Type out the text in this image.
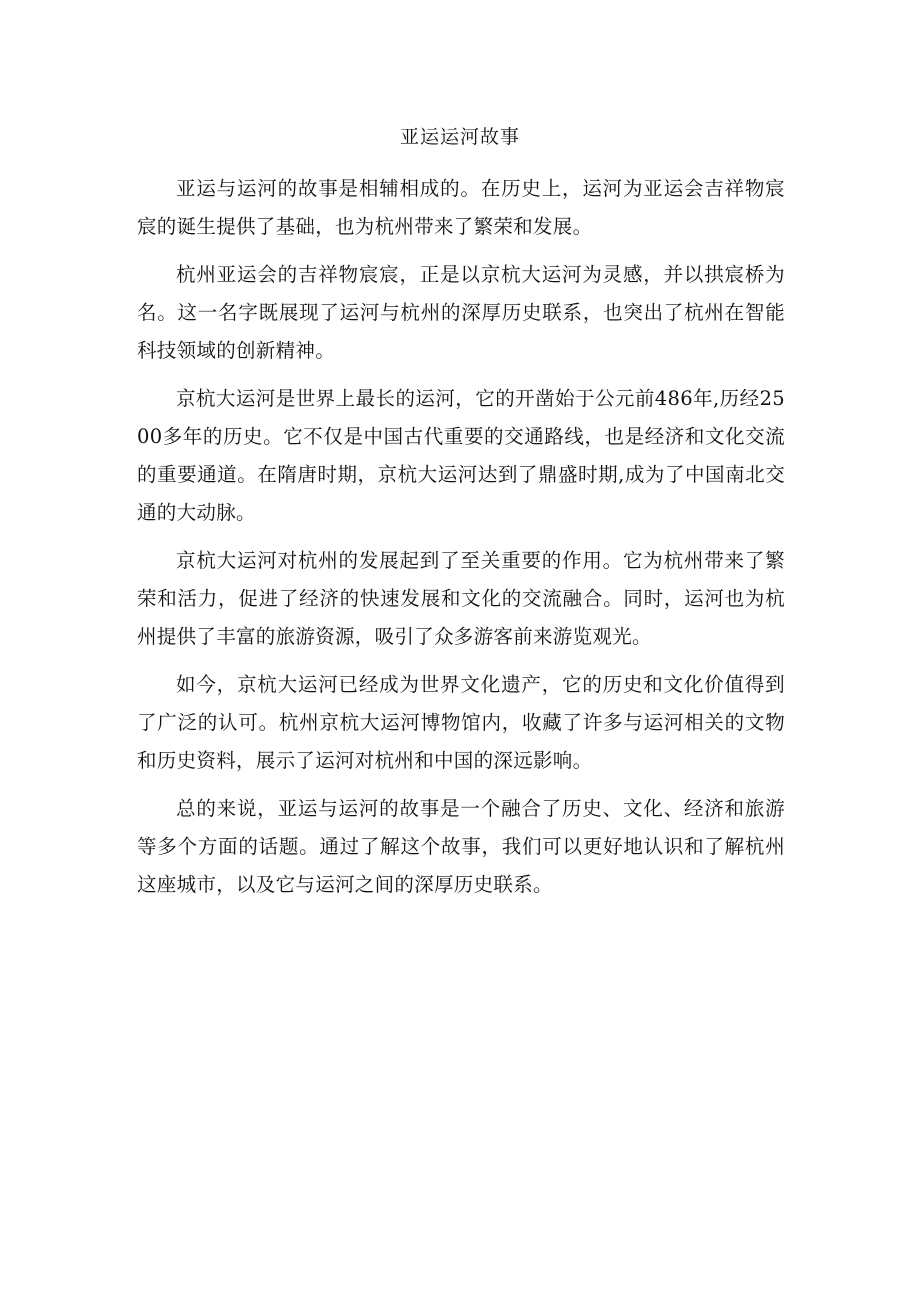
亚运运河故事

亚运与运河的故事是相辅相成的。在历史上，运河为亚运会吉祥物宸宸的诞生提供了基础，也为杭州带来了繁荣和发展。

杭州亚运会的吉祥物宸宸，正是以京杭大运河为灵感，并以拱宸桥为名。这一名字既展现了运河与杭州的深厚历史联系，也突出了杭州在智能科技领域的创新精神。

京杭大运河是世界上最长的运河，它的开凿始于公元前486年,历经2500多年的历史。它不仅是中国古代重要的交通路线，也是经济和文化交流的重要通道。在隋唐时期，京杭大运河达到了鼎盛时期,成为了中国南北交通的大动脉。

京杭大运河对杭州的发展起到了至关重要的作用。它为杭州带来了繁荣和活力，促进了经济的快速发展和文化的交流融合。同时，运河也为杭州提供了丰富的旅游资源，吸引了众多游客前来游览观光。

如今，京杭大运河已经成为世界文化遗产，它的历史和文化价值得到了广泛的认可。杭州京杭大运河博物馆内，收藏了许多与运河相关的文物和历史资料，展示了运河对杭州和中国的深远影响。

总的来说，亚运与运河的故事是一个融合了历史、文化、经济和旅游等多个方面的话题。通过了解这个故事，我们可以更好地认识和了解杭州这座城市，以及它与运河之间的深厚历史联系。
